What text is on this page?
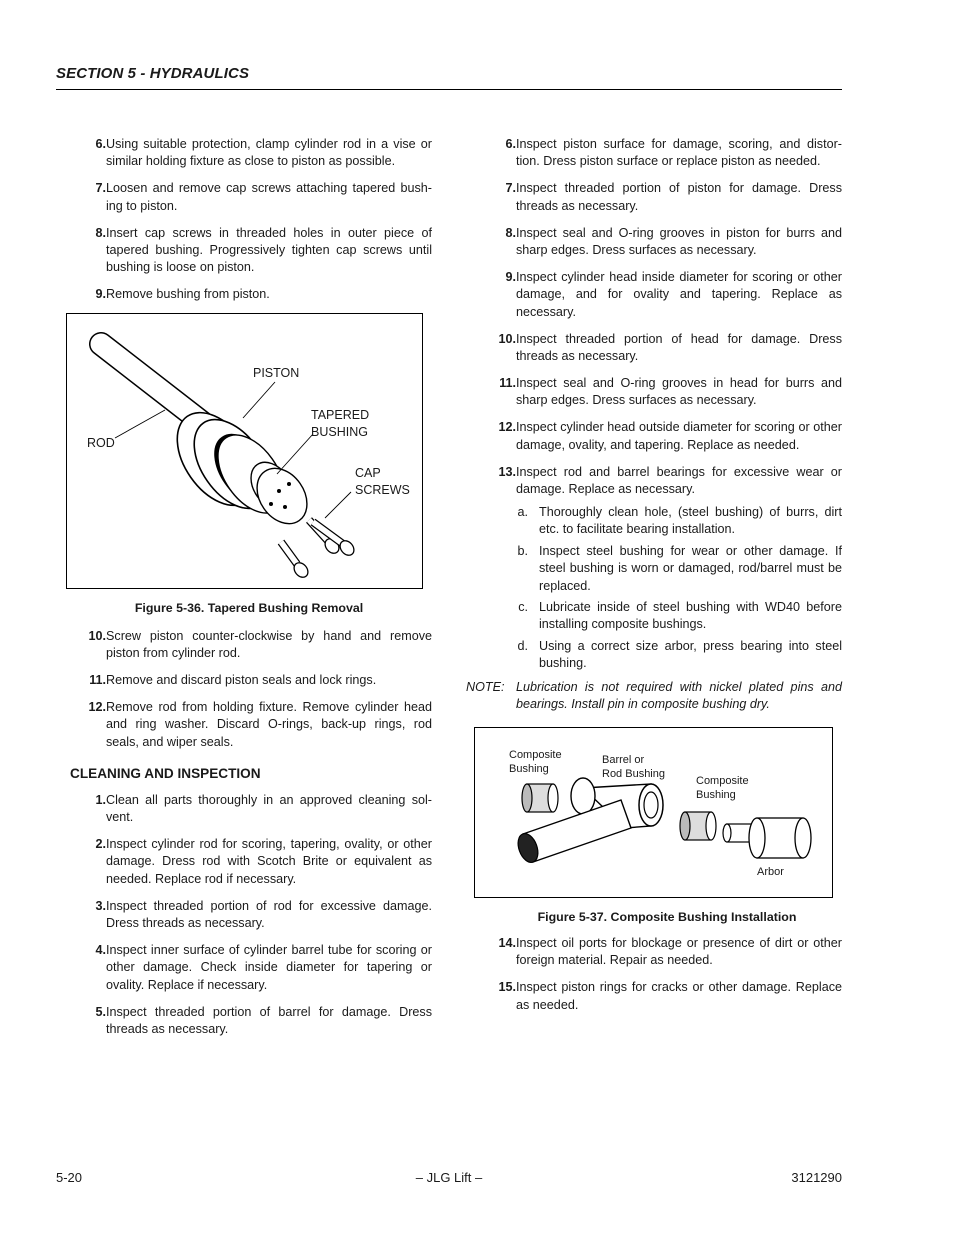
SECTION 5 - HYDRAULICS
6. Using suitable protection, clamp cylinder rod in a vise or similar holding fixture as close to piston as possible.
7. Loosen and remove cap screws attaching tapered bush-ing to piston.
8. Insert cap screws in threaded holes in outer piece of tapered bushing. Progressively tighten cap screws until bushing is loose on piston.
9. Remove bushing from piston.
PISTON
ROD
TAPERED
BUSHING
CAP
SCREWS
Figure 5-36. Tapered Bushing Removal
10. Screw piston counter-clockwise by hand and remove piston from cylinder rod.
11. Remove and discard piston seals and lock rings.
12. Remove rod from holding fixture. Remove cylinder head and ring washer. Discard O-rings, back-up rings, rod seals, and wiper seals.
CLEANING AND INSPECTION
1. Clean all parts thoroughly in an approved cleaning sol-vent.
2. Inspect cylinder rod for scoring, tapering, ovality, or other damage. Dress rod with Scotch Brite or equivalent as needed. Replace rod if necessary.
3. Inspect threaded portion of rod for excessive damage. Dress threads as necessary.
4. Inspect inner surface of cylinder barrel tube for scoring or other damage. Check inside diameter for tapering or ovality. Replace if necessary.
5. Inspect threaded portion of barrel for damage. Dress threads as necessary.
6. Inspect piston surface for damage, scoring, and distor-tion. Dress piston surface or replace piston as needed.
7. Inspect threaded portion of piston for damage. Dress threads as necessary.
8. Inspect seal and O-ring grooves in piston for burrs and sharp edges. Dress surfaces as necessary.
9. Inspect cylinder head inside diameter for scoring or other damage, and for ovality and tapering. Replace as necessary.
10. Inspect threaded portion of head for damage. Dress threads as necessary.
11. Inspect seal and O-ring grooves in head for burrs and sharp edges. Dress surfaces as necessary.
12. Inspect cylinder head outside diameter for scoring or other damage, ovality, and tapering. Replace as needed.
13. Inspect rod and barrel bearings for excessive wear or damage. Replace as necessary.
a. Thoroughly clean hole, (steel bushing) of burrs, dirt etc. to facilitate bearing installation.
b. Inspect steel bushing for wear or other damage. If steel bushing is worn or damaged, rod/barrel must be replaced.
c. Lubricate inside of steel bushing with WD40 before installing composite bushings.
d. Using a correct size arbor, press bearing into steel bushing.
NOTE: Lubrication is not required with nickel plated pins and bearings. Install pin in composite bushing dry.
Composite
Bushing
Barrel or
Rod Bushing
Composite
Bushing
Arbor
Figure 5-37. Composite Bushing Installation
14. Inspect oil ports for blockage or presence of dirt or other foreign material. Repair as needed.
15. Inspect piston rings for cracks or other damage. Replace as needed.
5-20	– JLG Lift –	3121290
